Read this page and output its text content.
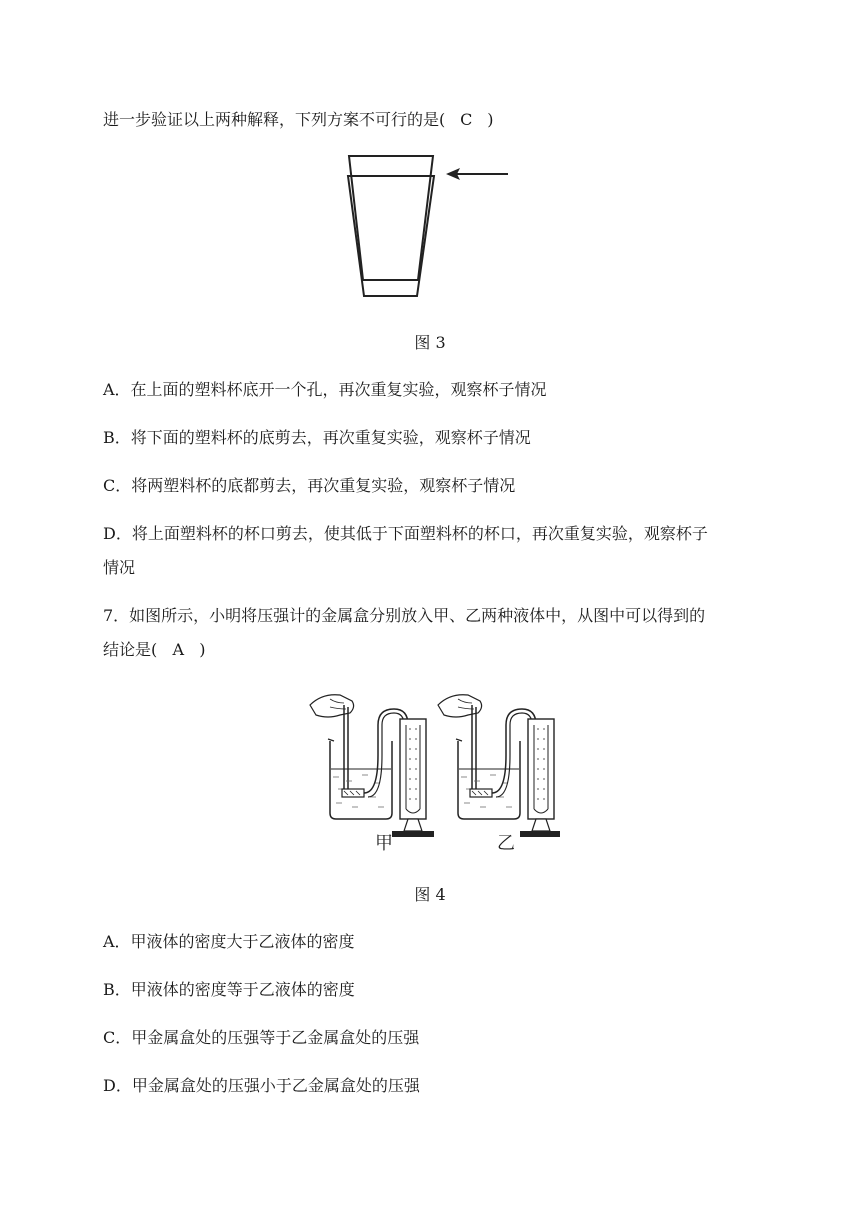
进一步验证以上两种解释，下列方案不可行的是( C )
图 3
A．在上面的塑料杯底开一个孔，再次重复实验，观察杯子情况
B．将下面的塑料杯的底剪去，再次重复实验，观察杯子情况
C．将两塑料杯的底都剪去，再次重复实验，观察杯子情况
D．将上面塑料杯的杯口剪去，使其低于下面塑料杯的杯口，再次重复实验，观察杯子
情况
7．如图所示，小明将压强计的金属盒分别放入甲、乙两种液体中，从图中可以得到的
结论是( A )
甲	乙
图 4
A．甲液体的密度大于乙液体的密度
B．甲液体的密度等于乙液体的密度
C．甲金属盒处的压强等于乙金属盒处的压强
D．甲金属盒处的压强小于乙金属盒处的压强
